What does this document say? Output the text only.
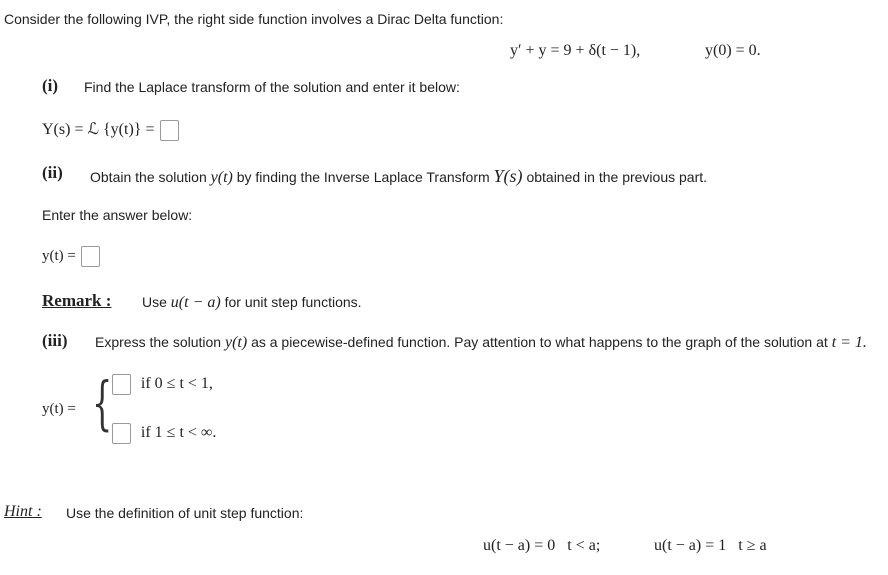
Consider the following IVP, the right side function involves a Dirac Delta function:
y′ + y = 9 + δ(t − 1),	y(0) = 0.
(i) Find the Laplace transform of the solution and enter it below:
Y(s) = ℒ {y(t)} =
(ii) Obtain the solution y(t) by finding the Inverse Laplace Transform Y(s) obtained in the previous part.
Enter the answer below:
y(t) =
Remark : Use u(t − a) for unit step functions.
(iii) Express the solution y(t) as a piecewise-defined function. Pay attention to what happens to the graph of the solution at t = 1.
y(t) = {	if 0 ≤ t < 1,
if 1 ≤ t < ∞.
Hint : Use the definition of unit step function:
u(t − a) = 0   t < a;	u(t − a) = 1   t ≥ a
